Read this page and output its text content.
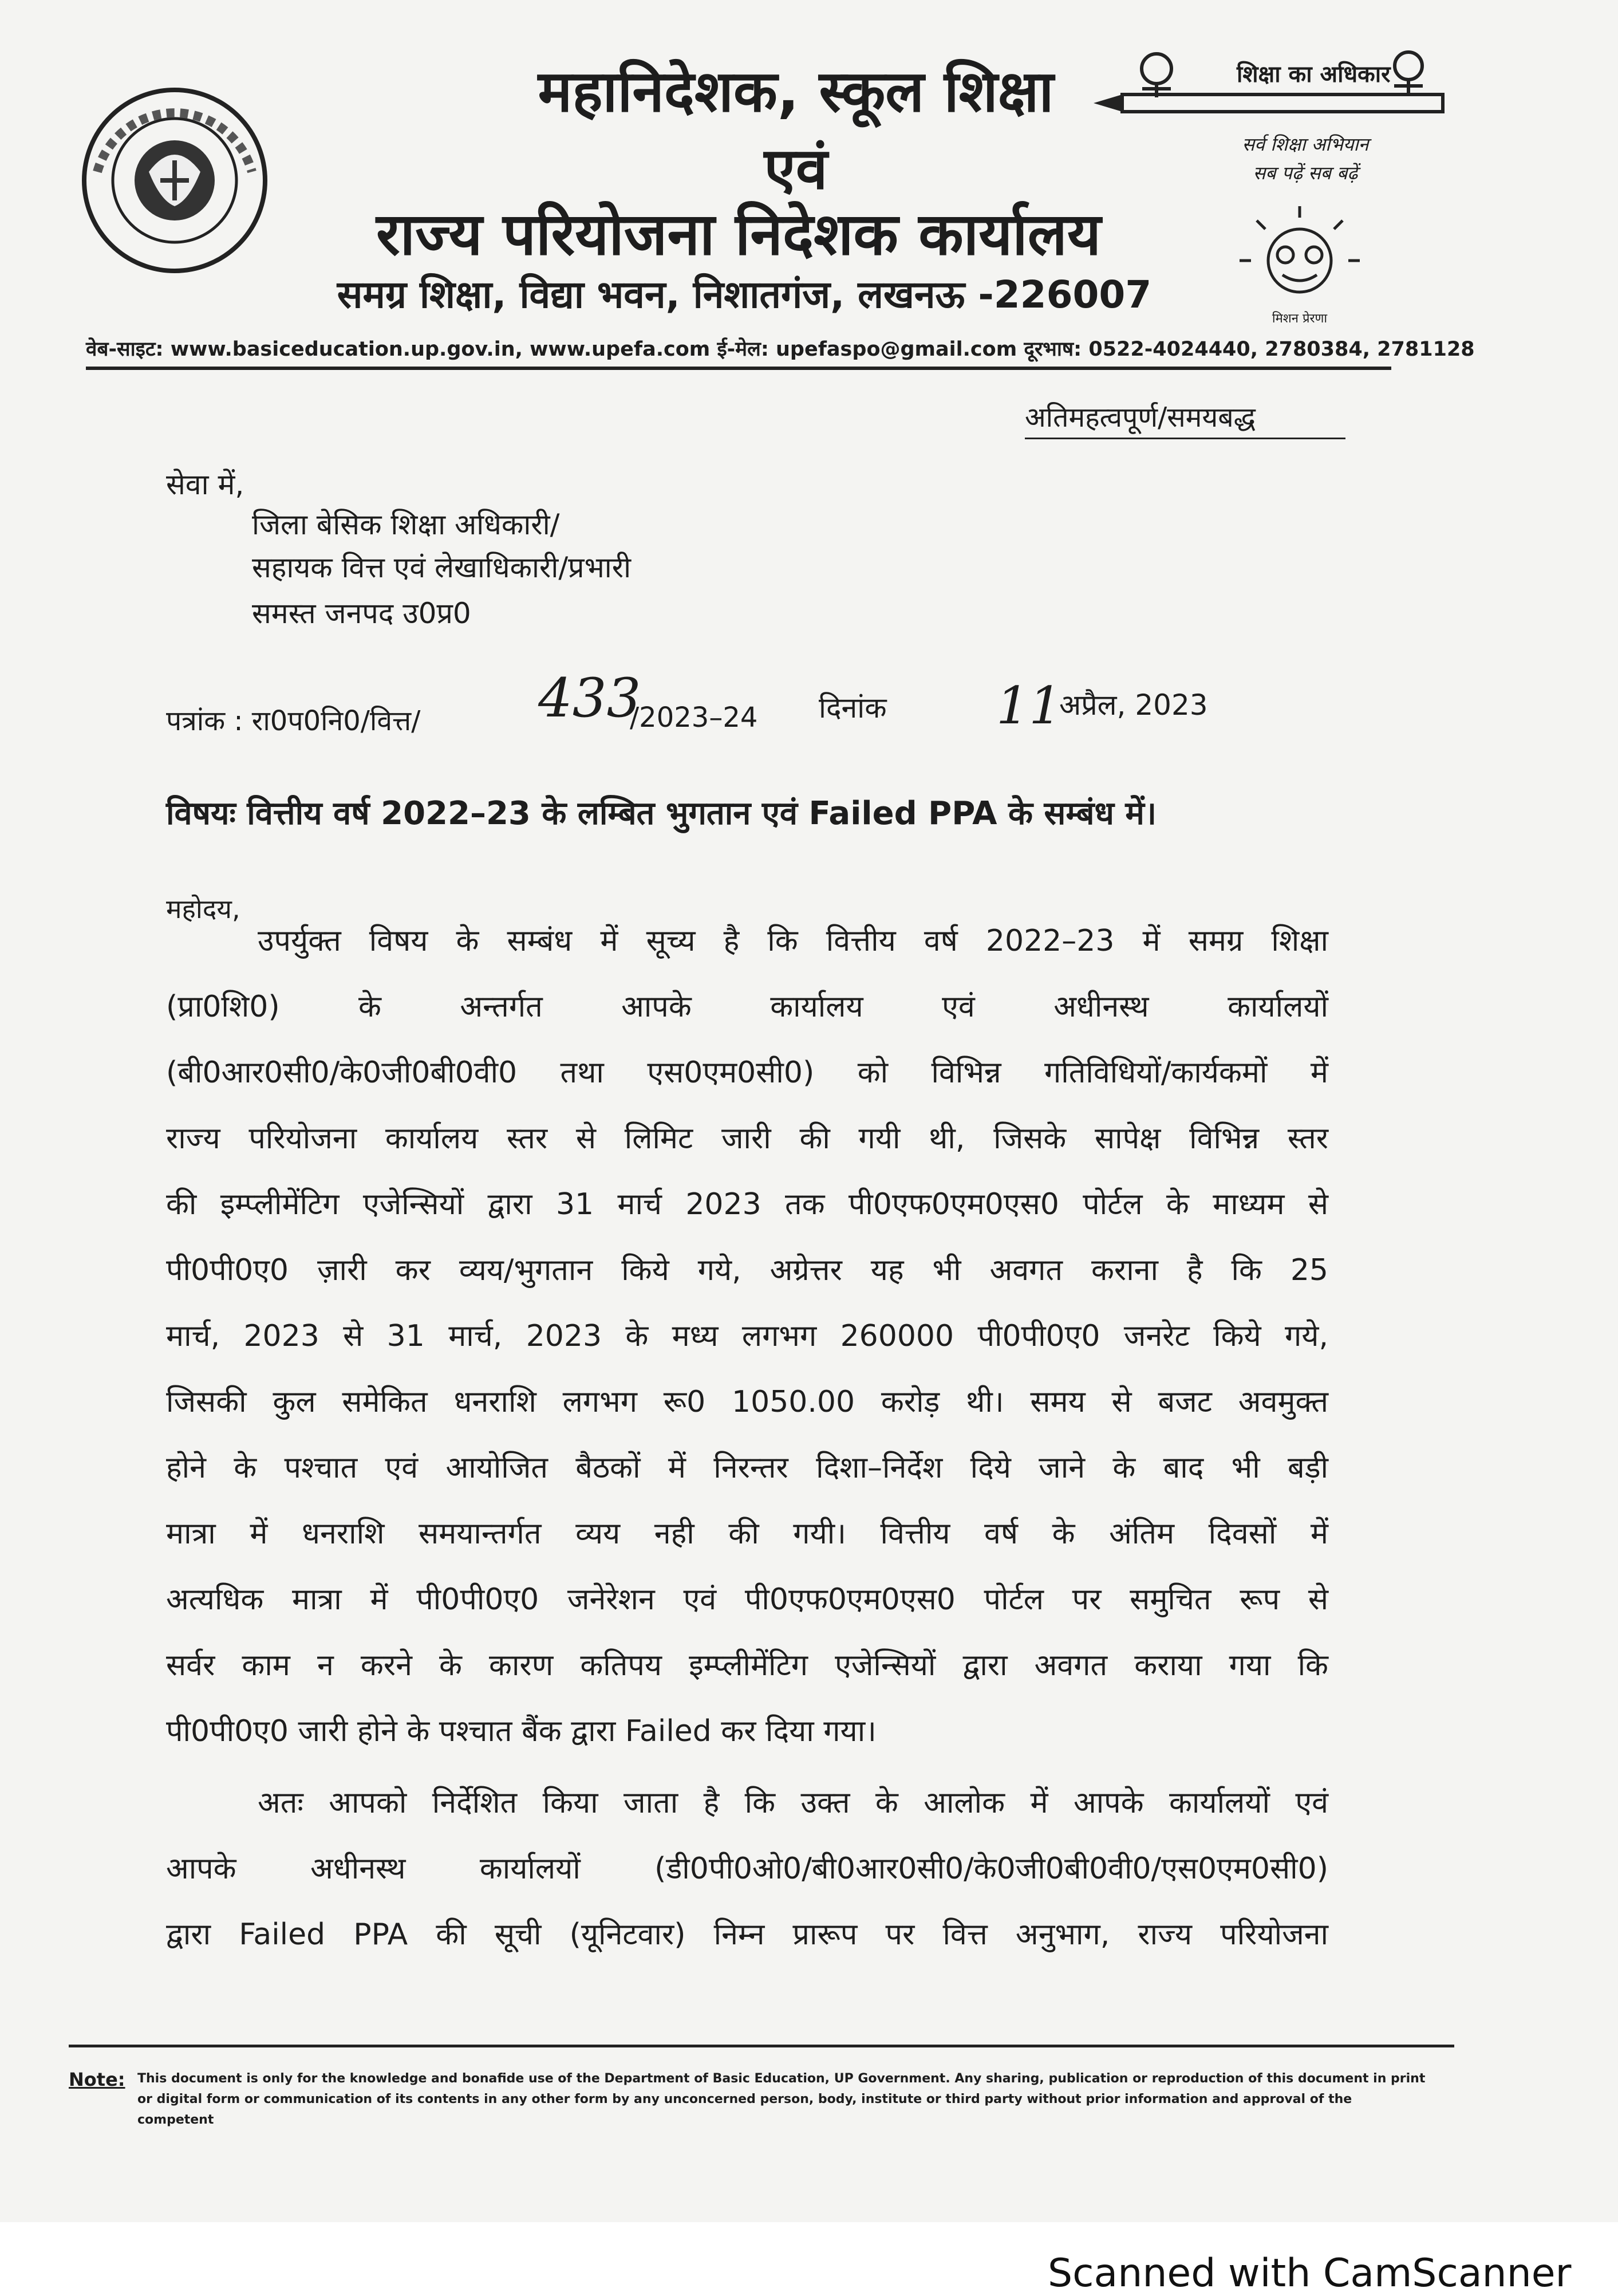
महानिदेशक, स्कूल शिक्षा
एवं
राज्य परियोजना निदेशक कार्यालय
समग्र शिक्षा, विद्या भवन, निशातगंज, लखनऊ -226007
शिक्षा का अधिकार
सर्व शिक्षा अभियान
सब पढ़ें सब बढ़ें
मिशन प्रेरणा
वेब-साइट: www.basiceducation.up.gov.in, www.upefa.com ई-मेल: upefaspo@gmail.com दूरभाष: 0522-4024440, 2780384, 2781128
अतिमहत्वपूर्ण/समयबद्ध
सेवा में,
जिला बेसिक शिक्षा अधिकारी/
सहायक वित्त एवं लेखाधिकारी/प्रभारी
समस्त जनपद उ0प्र0
पत्रांक : रा0प0नि0/वित्त/ 433
/2023–24 दिनांक 11
अप्रैल, 2023
विषयः वित्तीय वर्ष 2022–23 के लम्बित भुगतान एवं Failed PPA के सम्बंध में।
महोदय,
उपर्युक्त विषय के सम्बंध में सूच्य है कि वित्तीय वर्ष 2022–23 में समग्र शिक्षा
(प्रा0शि0) के अन्तर्गत आपके कार्यालय एवं अधीनस्थ कार्यालयों
(बी0आर0सी0/के0जी0बी0वी0 तथा एस0एम0सी0) को विभिन्न गतिविधियों/कार्यकमों में
राज्य परियोजना कार्यालय स्तर से लिमिट जारी की गयी थी, जिसके सापेक्ष विभिन्न स्तर
की इम्प्लीमेंटिग एजेन्सियों द्वारा 31 मार्च 2023 तक पी0एफ0एम0एस0 पोर्टल के माध्यम से
पी0पी0ए0 ज़ारी कर व्यय/भुगतान किये गये, अग्रेत्तर यह भी अवगत कराना है कि 25
मार्च, 2023 से 31 मार्च, 2023 के मध्य लगभग 260000 पी0पी0ए0 जनरेट किये गये,
जिसकी कुल समेकित धनराशि लगभग रू0 1050.00 करोड़ थी। समय से बजट अवमुक्त
होने के पश्चात एवं आयोजित बैठकों में निरन्तर दिशा–निर्देश दिये जाने के बाद भी बड़ी
मात्रा में धनराशि समयान्तर्गत व्यय नही की गयी। वित्तीय वर्ष के अंतिम दिवसों में
अत्यधिक मात्रा में पी0पी0ए0 जनेरेशन एवं पी0एफ0एम0एस0 पोर्टल पर समुचित रूप से
सर्वर काम न करने के कारण कतिपय इम्प्लीमेंटिग एजेन्सियों द्वारा अवगत कराया गया कि
पी0पी0ए0 जारी होने के पश्चात बैंक द्वारा Failed कर दिया गया।
अतः आपको निर्देशित किया जाता है कि उक्त के आलोक में आपके कार्यालयों एवं
आपके अधीनस्थ कार्यालयों (डी0पी0ओ0/बी0आर0सी0/के0जी0बी0वी0/एस0एम0सी0)
द्वारा Failed PPA की सूची (यूनिटवार) निम्न प्रारूप पर वित्त अनुभाग, राज्य परियोजना
Note: This document is only for the knowledge and bonafide use of the Department of Basic Education, UP Government. Any sharing, publication or reproduction of this document in print or digital form or communication of its contents in any other form by any unconcerned person, body, institute or third party without prior information and approval of the competent
Scanned with CamScanner
